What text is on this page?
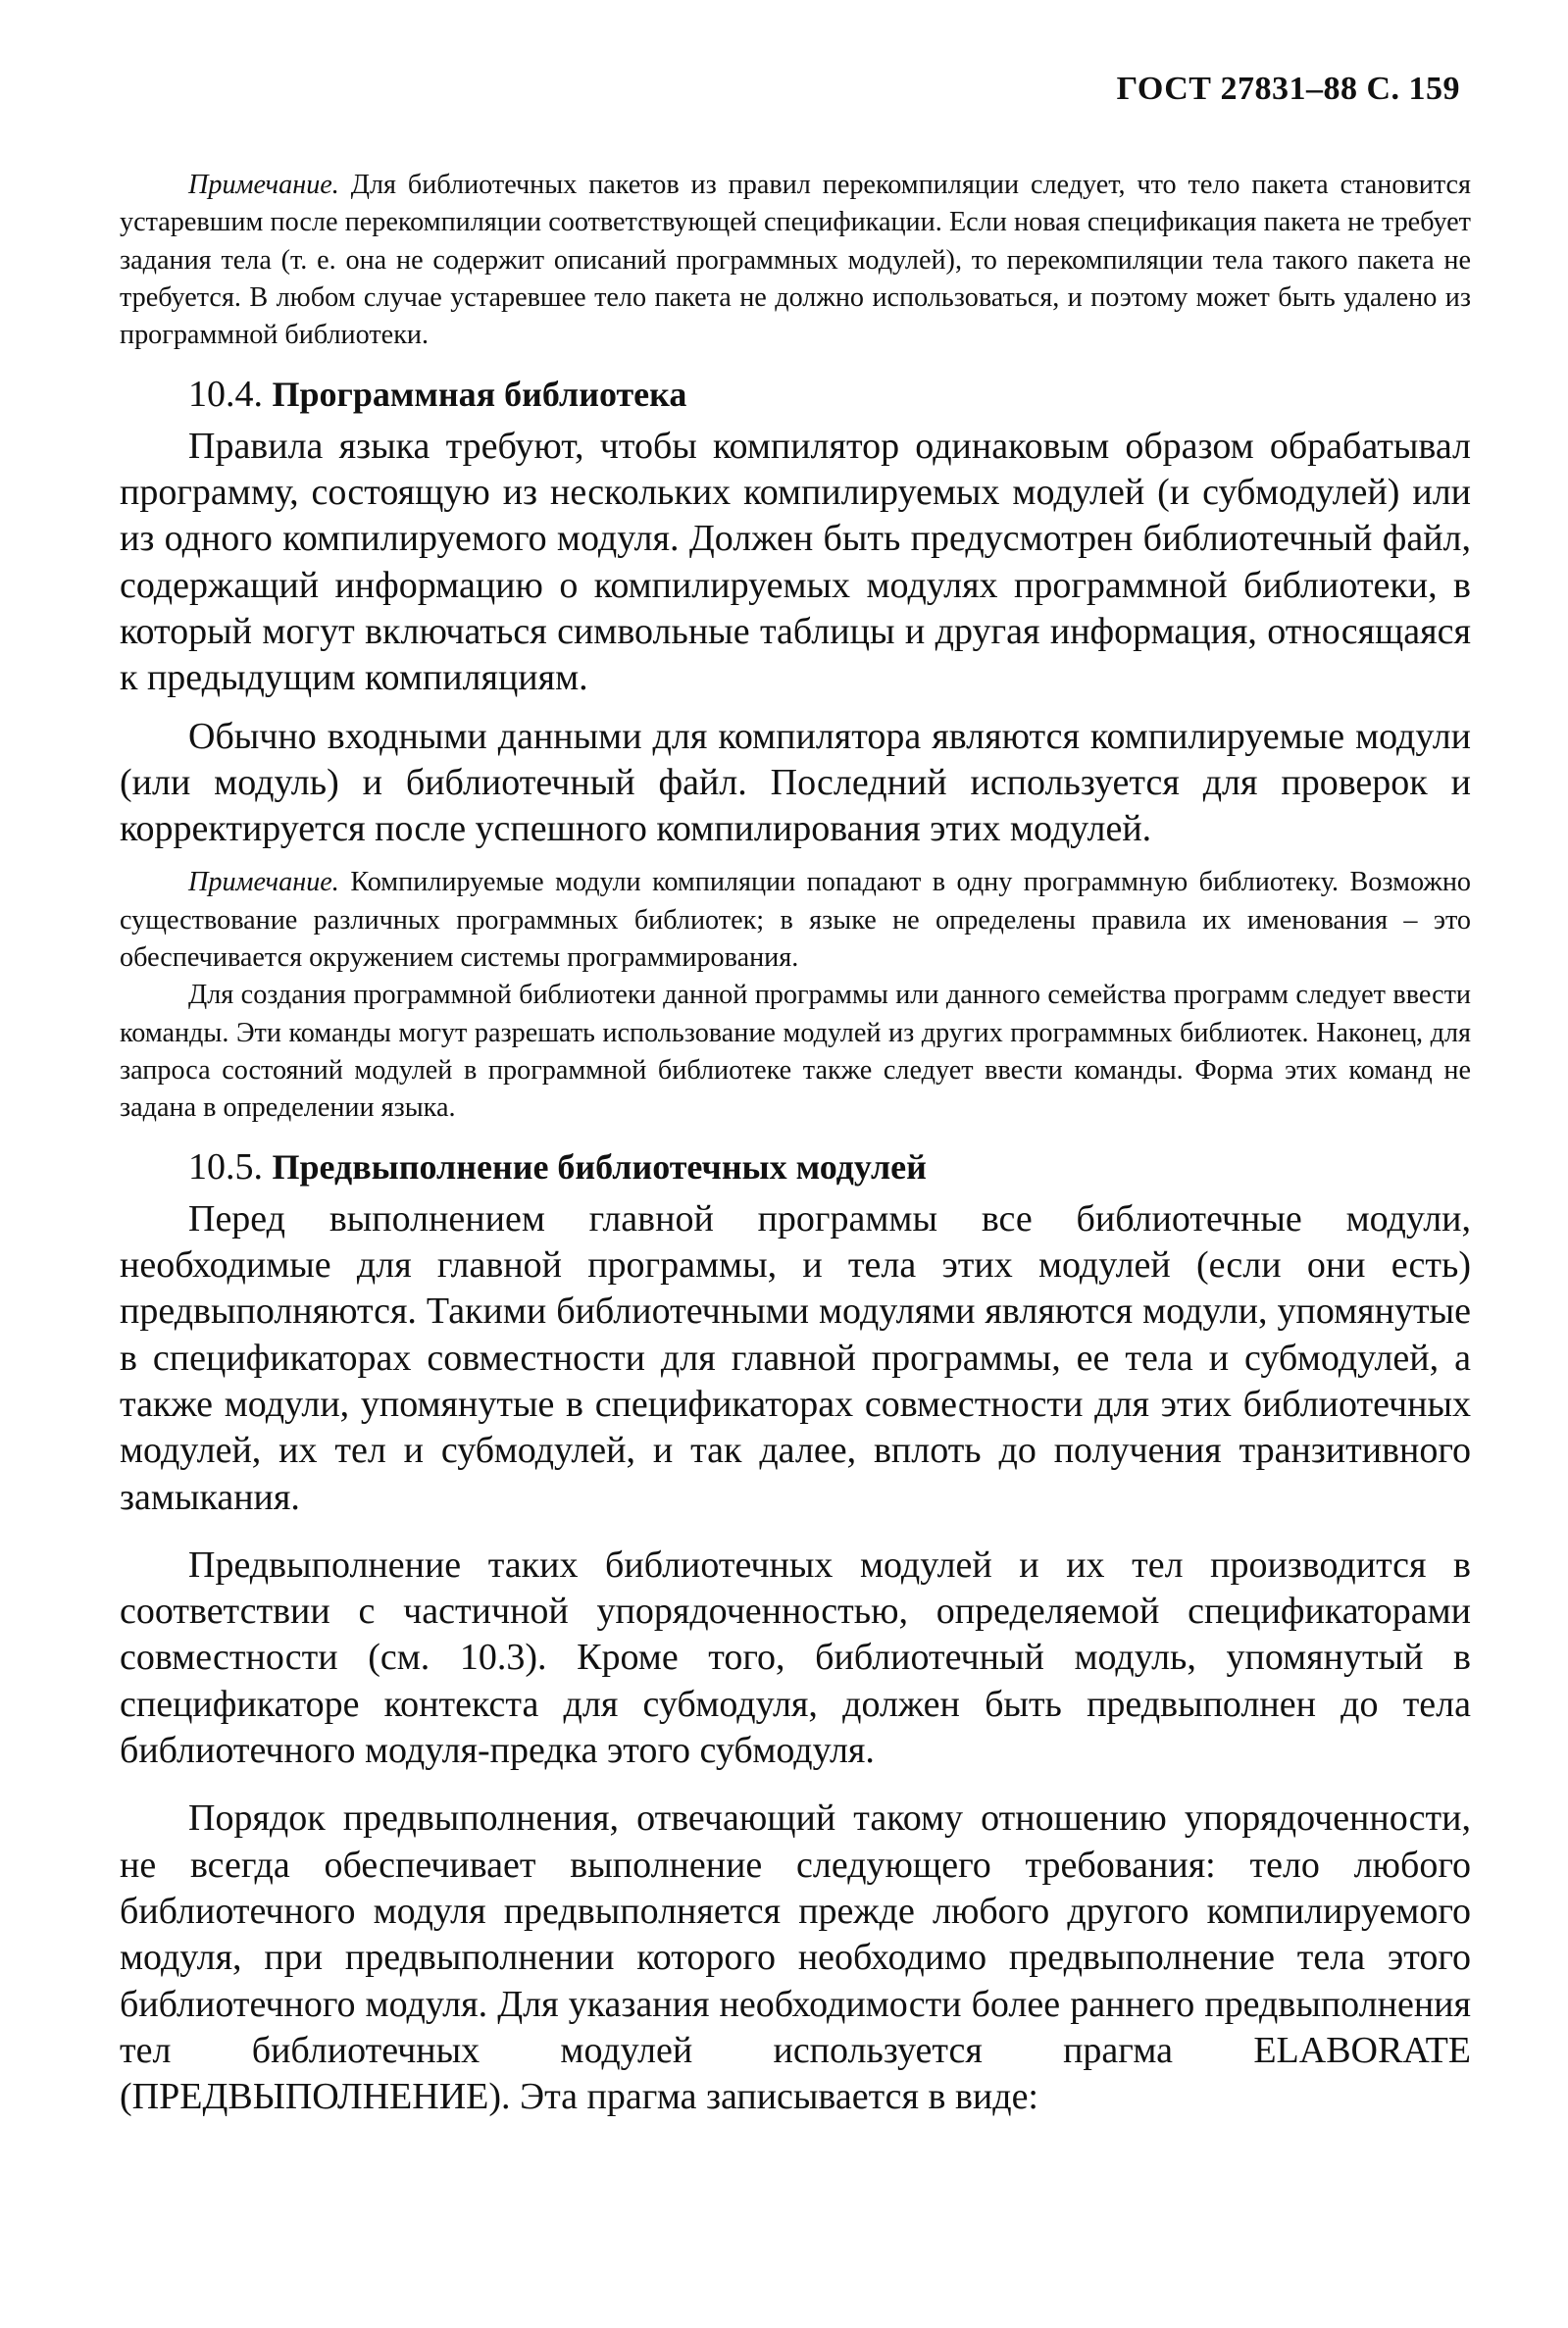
ГОСТ 27831–88 С. 159

Примечание. Для библиотечных пакетов из правил перекомпиляции следует, что тело пакета становится устаревшим после перекомпиляции соответствующей спецификации. Если новая спецификация пакета не требует задания тела (т. е. она не содержит описаний программных модулей), то перекомпиляции тела такого пакета не требуется. В любом случае устаревшее тело пакета не должно использоваться, и поэтому может быть удалено из программной библиотеки.

10.4. Программная библиотека

Правила языка требуют, чтобы компилятор одинаковым образом обрабатывал программу, состоящую из нескольких компилируемых модулей (и субмодулей) или из одного компилируемого модуля. Должен быть предусмотрен библиотечный файл, содержащий информацию о компилируемых модулях программной библиотеки, в который могут включаться символьные таблицы и другая информация, относящаяся к предыдущим компиляциям.

Обычно входными данными для компилятора являются компилируемые модули (или модуль) и библиотечный файл. Последний используется для проверок и корректируется после успешного компилирования этих модулей.

Примечание. Компилируемые модули компиляции попадают в одну программную библиотеку. Возможно существование различных программных библиотек; в языке не определены правила их именования – это обеспечивается окружением системы программирования.

Для создания программной библиотеки данной программы или данного семейства программ следует ввести команды. Эти команды могут разрешать использование модулей из других программных библиотек. Наконец, для запроса состояний модулей в программной библиотеке также следует ввести команды. Форма этих команд не задана в определении языка.

10.5. Предвыполнение библиотечных модулей

Перед выполнением главной программы все библиотечные модули, необходимые для главной программы, и тела этих модулей (если они есть) предвыполняются. Такими библиотечными модулями являются модули, упомянутые в спецификаторах совместности для главной программы, ее тела и субмодулей, а также модули, упомянутые в спецификаторах совместности для этих библиотечных модулей, их тел и субмодулей, и так далее, вплоть до получения транзитивного замыкания.

Предвыполнение таких библиотечных модулей и их тел производится в соответствии с частичной упорядоченностью, определяемой спецификаторами совместности (см. 10.3). Кроме того, библиотечный модуль, упомянутый в спецификаторе контекста для субмодуля, должен быть предвыполнен до тела библиотечного модуля-предка этого субмодуля.

Порядок предвыполнения, отвечающий такому отношению упорядоченности, не всегда обеспечивает выполнение следующего требования: тело любого библиотечного модуля предвыполняется прежде любого другого компилируемого модуля, при предвыполнении которого необходимо предвыполнение тела этого библиотечного модуля. Для указания необходимости более раннего предвыполнения тел библиотечных модулей используется прагма ELABORATE (ПРЕДВЫПОЛНЕНИЕ). Эта прагма записывается в виде:
